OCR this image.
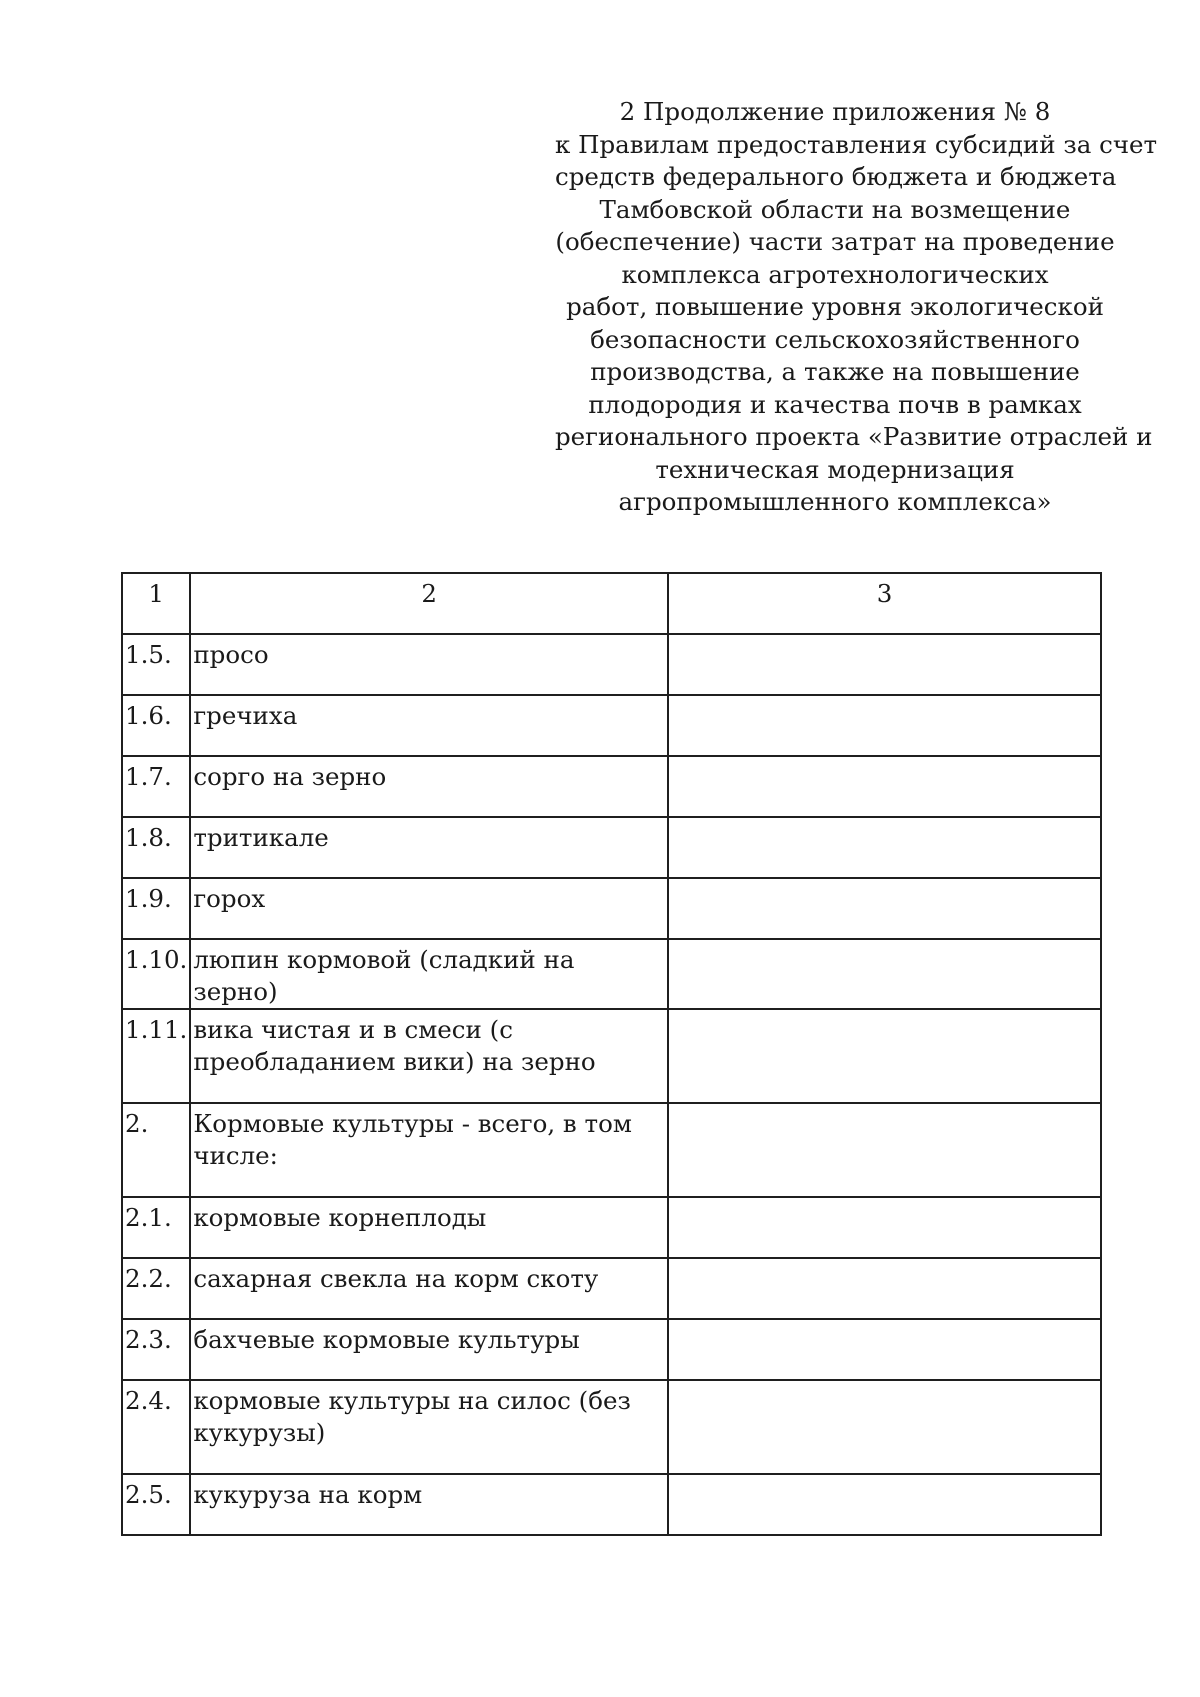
2 Продолжение приложения № 8
к Правилам предоставления субсидий за счет
средств федерального бюджета и бюджета
Тамбовской области на возмещение
(обеспечение) части затрат на проведение
комплекса агротехнологических
работ, повышение уровня экологической
безопасности сельскохозяйственного
производства, а также на повышение
плодородия и качества почв в рамках
регионального проекта «Развитие отраслей и
техническая модернизация
агропромышленного комплекса»
1	2	3
1.5.	просо	
1.6.	гречиха	
1.7.	сорго на зерно	
1.8.	тритикале	
1.9.	горох	
1.10.	люпин кормовой (сладкий на зерно)	
1.11.	вика чистая и в смеси (с преобладанием вики) на зерно	
2.	Кормовые культуры - всего, в том числе:	
2.1.	кормовые корнеплоды	
2.2.	сахарная свекла на корм скоту	
2.3.	бахчевые кормовые культуры	
2.4.	кормовые культуры на силос (без кукурузы)	
2.5.	кукуруза на корм	
